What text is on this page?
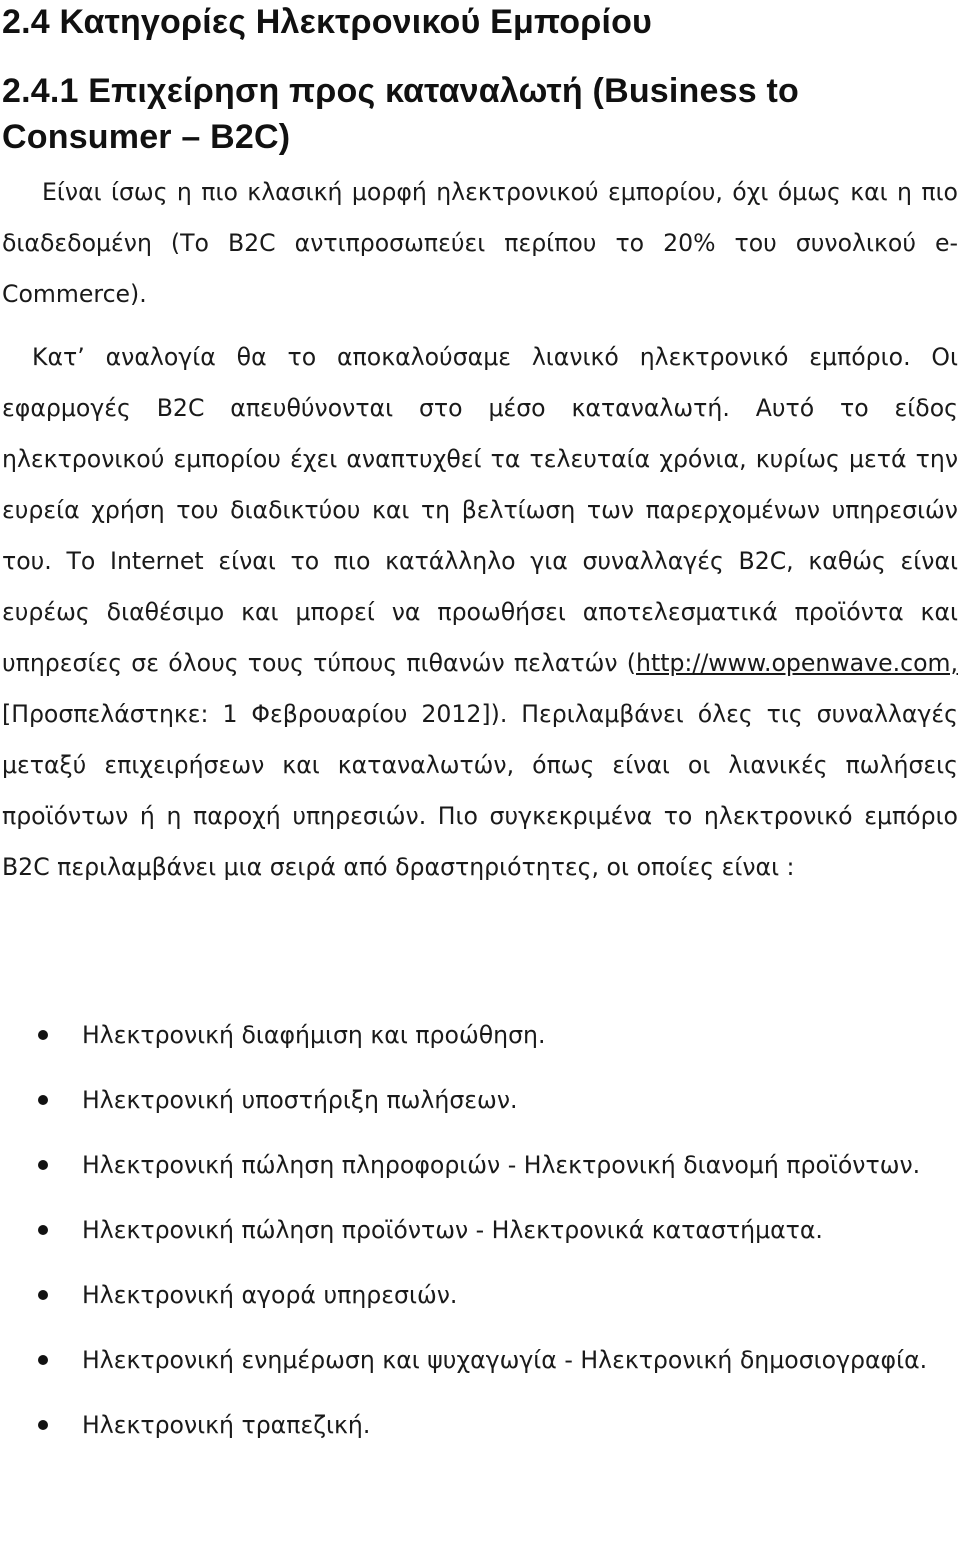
2.4 Κατηγορίες Ηλεκτρονικού Εμπορίου
2.4.1 Επιχείρηση προς καταναλωτή (Business to Consumer – B2C)

Είναι ίσως η πιο κλασική μορφή ηλεκτρονικού εμπορίου, όχι όμως και η πιο διαδεδομένη (Το B2C αντιπροσωπεύει περίπου το 20% του συνολικού e-Commerce).

Κατ’ αναλογία θα το αποκαλούσαμε λιανικό ηλεκτρονικό εμπόριο. Οι εφαρμογές B2C απευθύνονται στο μέσο καταναλωτή. Αυτό το είδος ηλεκτρονικού εμπορίου έχει αναπτυχθεί τα τελευταία χρόνια, κυρίως μετά την ευρεία χρήση του διαδικτύου και τη βελτίωση των παρερχομένων υπηρεσιών του. Το Internet είναι το πιο κατάλληλο για συναλλαγές B2C, καθώς είναι ευρέως διαθέσιμο και μπορεί να προωθήσει αποτελεσματικά προϊόντα και υπηρεσίες σε όλους τους τύπους πιθανών πελατών (http://www.openwave.com, [Προσπελάστηκε: 1 Φεβρουαρίου 2012]). Περιλαμβάνει όλες τις συναλλαγές μεταξύ επιχειρήσεων και καταναλωτών, όπως είναι οι λιανικές πωλήσεις προϊόντων ή η παροχή υπηρεσιών. Πιο συγκεκριμένα το ηλεκτρονικό εμπόριο B2C περιλαμβάνει μια σειρά από δραστηριότητες, οι οποίες είναι :

Ηλεκτρονική διαφήμιση και προώθηση.
Ηλεκτρονική υποστήριξη πωλήσεων.
Ηλεκτρονική πώληση πληροφοριών - Ηλεκτρονική διανομή προϊόντων.
Ηλεκτρονική πώληση προϊόντων - Ηλεκτρονικά καταστήματα.
Ηλεκτρονική αγορά υπηρεσιών.
Ηλεκτρονική ενημέρωση και ψυχαγωγία - Ηλεκτρονική δημοσιογραφία.
Ηλεκτρονική τραπεζική.
